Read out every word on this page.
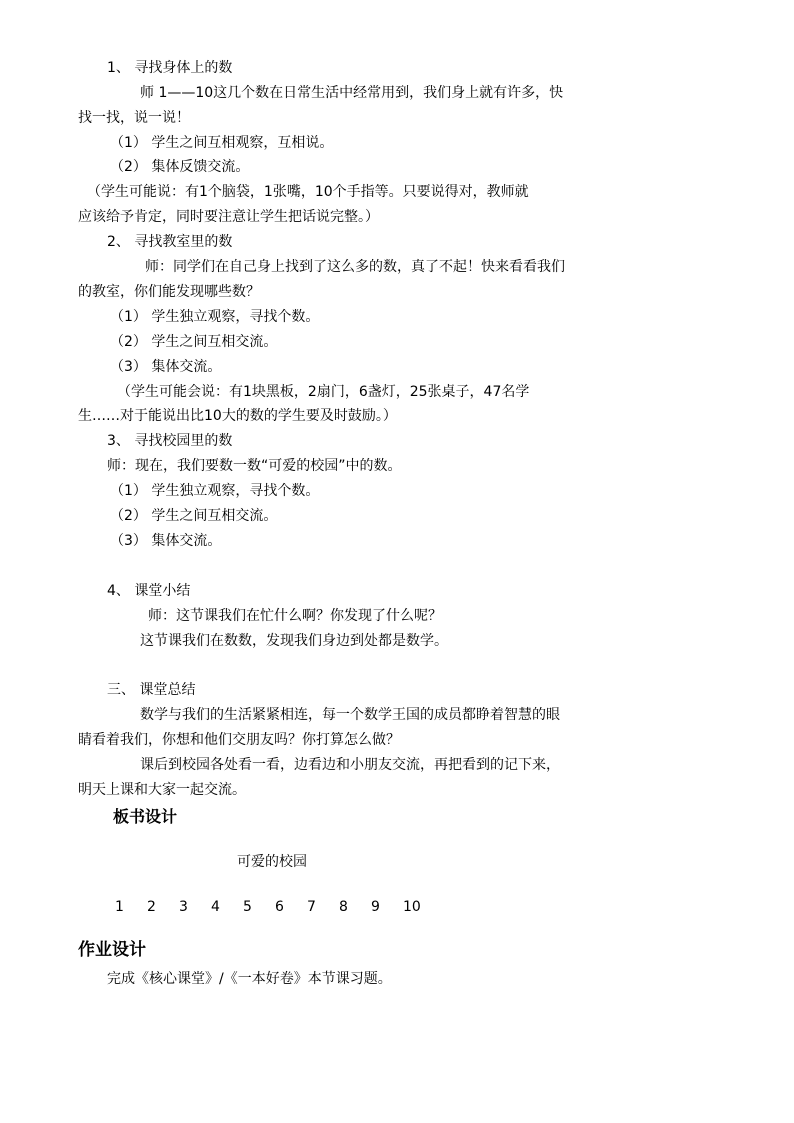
1、 寻找身体上的数
师 1——10这几个数在日常生活中经常用到，我们身上就有许多，快
找一找，说一说！
（1） 学生之间互相观察，互相说。
（2） 集体反馈交流。
（学生可能说：有1个脑袋，1张嘴，10个手指等。只要说得对，教师就
应该给予肯定，同时要注意让学生把话说完整。）
2、 寻找教室里的数
师：同学们在自己身上找到了这么多的数，真了不起！快来看看我们
的教室，你们能发现哪些数？
（1） 学生独立观察，寻找个数。
（2） 学生之间互相交流。
（3） 集体交流。
（学生可能会说：有1块黑板，2扇门，6盏灯，25张桌子，47名学
生……对于能说出比10大的数的学生要及时鼓励。）
3、 寻找校园里的数
师：现在，我们要数一数“可爱的校园”中的数。
（1） 学生独立观察，寻找个数。
（2） 学生之间互相交流。
（3） 集体交流。
4、 课堂小结
师：这节课我们在忙什么啊？你发现了什么呢？
这节课我们在数数，发现我们身边到处都是数学。
三、 课堂总结
数学与我们的生活紧紧相连，每一个数学王国的成员都睁着智慧的眼
睛看着我们，你想和他们交朋友吗？你打算怎么做？
课后到校园各处看一看，边看边和小朋友交流，再把看到的记下来，
明天上课和大家一起交流。
板书设计
可爱的校园
1 2 3 4 5 6 7 8 9 10
作业设计
完成《核心课堂》/《一本好卷》本节课习题。
